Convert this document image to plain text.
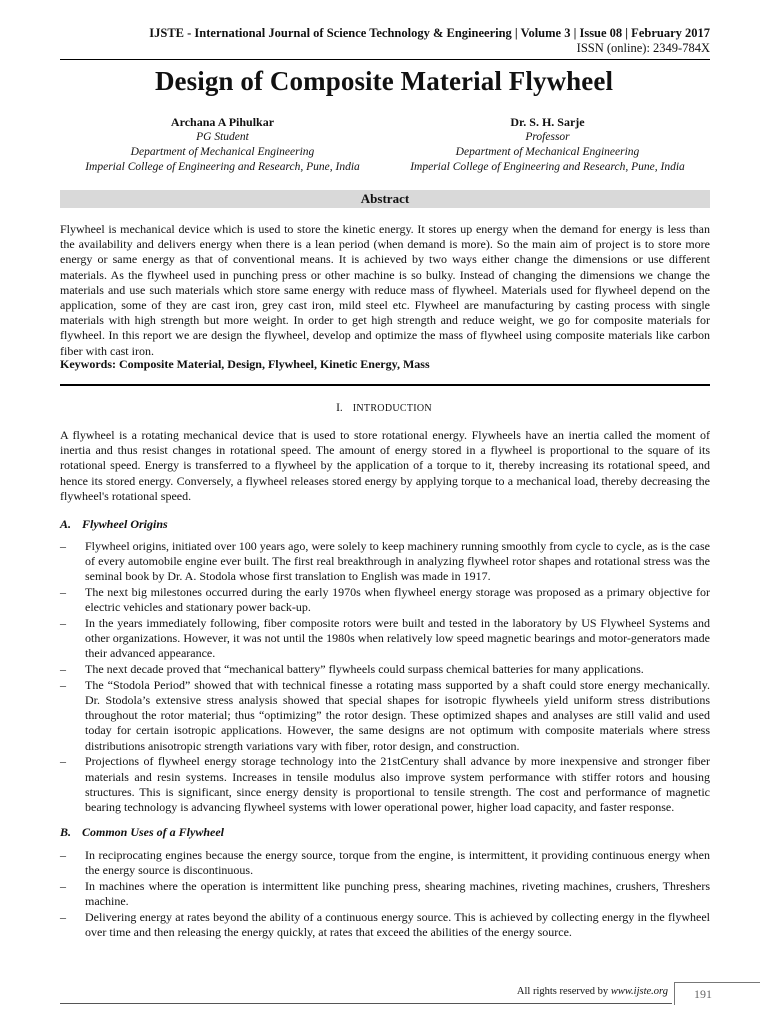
IJSTE - International Journal of Science Technology & Engineering | Volume 3 | Issue 08 | February 2017
ISSN (online): 2349-784X
Design of Composite Material Flywheel
Archana A Pihulkar
PG Student
Department of Mechanical Engineering
Imperial College of Engineering and Research, Pune, India
Dr. S. H. Sarje
Professor
Department of Mechanical Engineering
Imperial College of Engineering and Research, Pune, India
Abstract

Flywheel is mechanical device which is used to store the kinetic energy. It stores up energy when the demand for energy is less than the availability and delivers energy when there is a lean period (when demand is more). So the main aim of project is to store more energy or same energy as that of conventional means. It is achieved by two ways either change the dimensions or use different materials. As the flywheel used in punching press or other machine is so bulky. Instead of changing the dimensions we change the materials and use such materials which store same energy with reduce mass of flywheel. Materials used for flywheel depend on the application, some of they are cast iron, grey cast iron, mild steel etc. Flywheel are manufacturing by casting process with single materials with high strength but more weight. In order to get high strength and reduce weight, we go for composite materials for flywheel. In this report we are design the flywheel, develop and optimize the mass of flywheel using composite materials like carbon fiber with cast iron.

Keywords: Composite Material, Design, Flywheel, Kinetic Energy, Mass
I. INTRODUCTION

A flywheel is a rotating mechanical device that is used to store rotational energy. Flywheels have an inertia called the moment of inertia and thus resist changes in rotational speed. The amount of energy stored in a flywheel is proportional to the square of its rotational speed. Energy is transferred to a flywheel by the application of a torque to it, thereby increasing its rotational speed, and hence its stored energy. Conversely, a flywheel releases stored energy by applying torque to a mechanical load, thereby decreasing the flywheel's rotational speed.

A. Flywheel Origins
– Flywheel origins, initiated over 100 years ago, were solely to keep machinery running smoothly from cycle to cycle, as is the case of every automobile engine ever built. The first real breakthrough in analyzing flywheel rotor shapes and rotational stress was the seminal book by Dr. A. Stodola whose first translation to English was made in 1917.
– The next big milestones occurred during the early 1970s when flywheel energy storage was proposed as a primary objective for electric vehicles and stationary power back-up.
– In the years immediately following, fiber composite rotors were built and tested in the laboratory by US Flywheel Systems and other organizations. However, it was not until the 1980s when relatively low speed magnetic bearings and motor-generators made their advanced appearance.
– The next decade proved that “mechanical battery” flywheels could surpass chemical batteries for many applications.
– The “Stodola Period” showed that with technical finesse a rotating mass supported by a shaft could store energy mechanically. Dr. Stodola’s extensive stress analysis showed that special shapes for isotropic flywheels yield uniform stress distributions throughout the rotor material; thus “optimizing” the rotor design. These optimized shapes and analyses are still valid and used today for certain isotropic applications. However, the same designs are not optimum with composite materials where stress distributions anisotropic strength variations vary with fiber, rotor design, and construction.
– Projections of flywheel energy storage technology into the 21stCentury shall advance by more inexpensive and stronger fiber materials and resin systems. Increases in tensile modulus also improve system performance with stiffer rotors and housing structures. This is significant, since energy density is proportional to tensile strength. The cost and performance of magnetic bearing technology is advancing flywheel systems with lower operational power, higher load capacity, and faster response.
B. Common Uses of a Flywheel
– In reciprocating engines because the energy source, torque from the engine, is intermittent, it providing continuous energy when the energy source is discontinuous.
– In machines where the operation is intermittent like punching press, shearing machines, riveting machines, crushers, Threshers machine.
– Delivering energy at rates beyond the ability of a continuous energy source. This is achieved by collecting energy in the flywheel over time and then releasing the energy quickly, at rates that exceed the abilities of the energy source.
All rights reserved by www.ijste.org	191
